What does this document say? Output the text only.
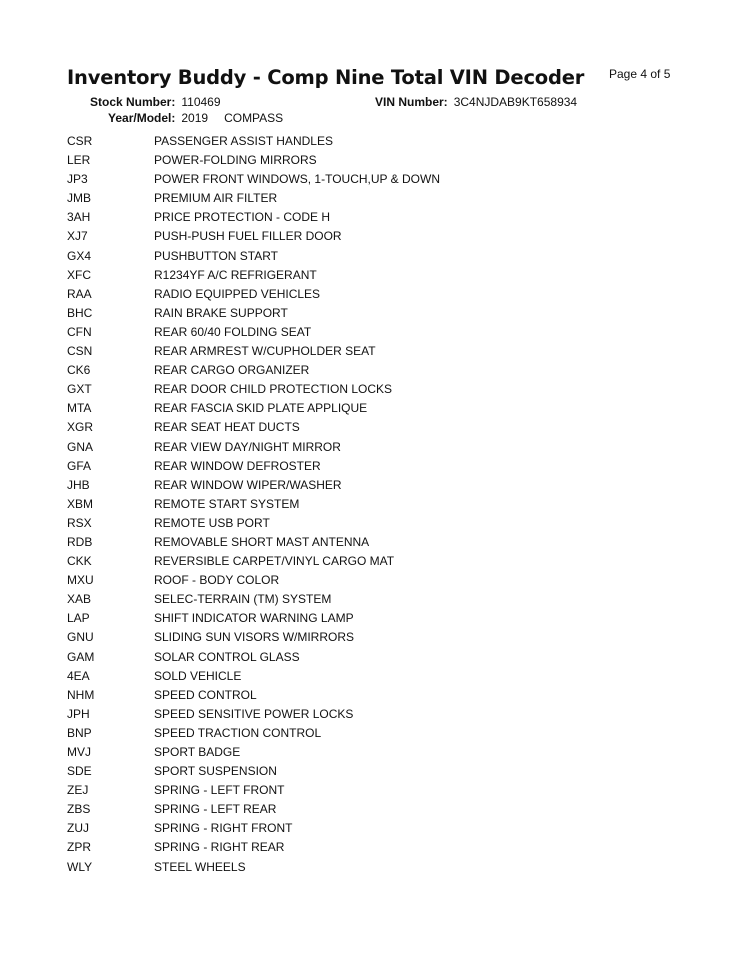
Inventory Buddy - Comp Nine Total VIN Decoder Page 4 of 5
Stock Number: 110469	VIN Number: 3C4NJDAB9KT658934
Year/Model: 2019 COMPASS
CSR	PASSENGER ASSIST HANDLES
LER	POWER-FOLDING MIRRORS
JP3	POWER FRONT WINDOWS, 1-TOUCH,UP & DOWN
JMB	PREMIUM AIR FILTER
3AH	PRICE PROTECTION - CODE H
XJ7	PUSH-PUSH FUEL FILLER DOOR
GX4	PUSHBUTTON START
XFC	R1234YF A/C REFRIGERANT
RAA	RADIO EQUIPPED VEHICLES
BHC	RAIN BRAKE SUPPORT
CFN	REAR 60/40 FOLDING SEAT
CSN	REAR ARMREST W/CUPHOLDER SEAT
CK6	REAR CARGO ORGANIZER
GXT	REAR DOOR CHILD PROTECTION LOCKS
MTA	REAR FASCIA SKID PLATE APPLIQUE
XGR	REAR SEAT HEAT DUCTS
GNA	REAR VIEW DAY/NIGHT MIRROR
GFA	REAR WINDOW DEFROSTER
JHB	REAR WINDOW WIPER/WASHER
XBM	REMOTE START SYSTEM
RSX	REMOTE USB PORT
RDB	REMOVABLE SHORT MAST ANTENNA
CKK	REVERSIBLE CARPET/VINYL CARGO MAT
MXU	ROOF - BODY COLOR
XAB	SELEC-TERRAIN (TM) SYSTEM
LAP	SHIFT INDICATOR WARNING LAMP
GNU	SLIDING SUN VISORS W/MIRRORS
GAM	SOLAR CONTROL GLASS
4EA	SOLD VEHICLE
NHM	SPEED CONTROL
JPH	SPEED SENSITIVE POWER LOCKS
BNP	SPEED TRACTION CONTROL
MVJ	SPORT BADGE
SDE	SPORT SUSPENSION
ZEJ	SPRING - LEFT FRONT
ZBS	SPRING - LEFT REAR
ZUJ	SPRING - RIGHT FRONT
ZPR	SPRING - RIGHT REAR
WLY	STEEL WHEELS
